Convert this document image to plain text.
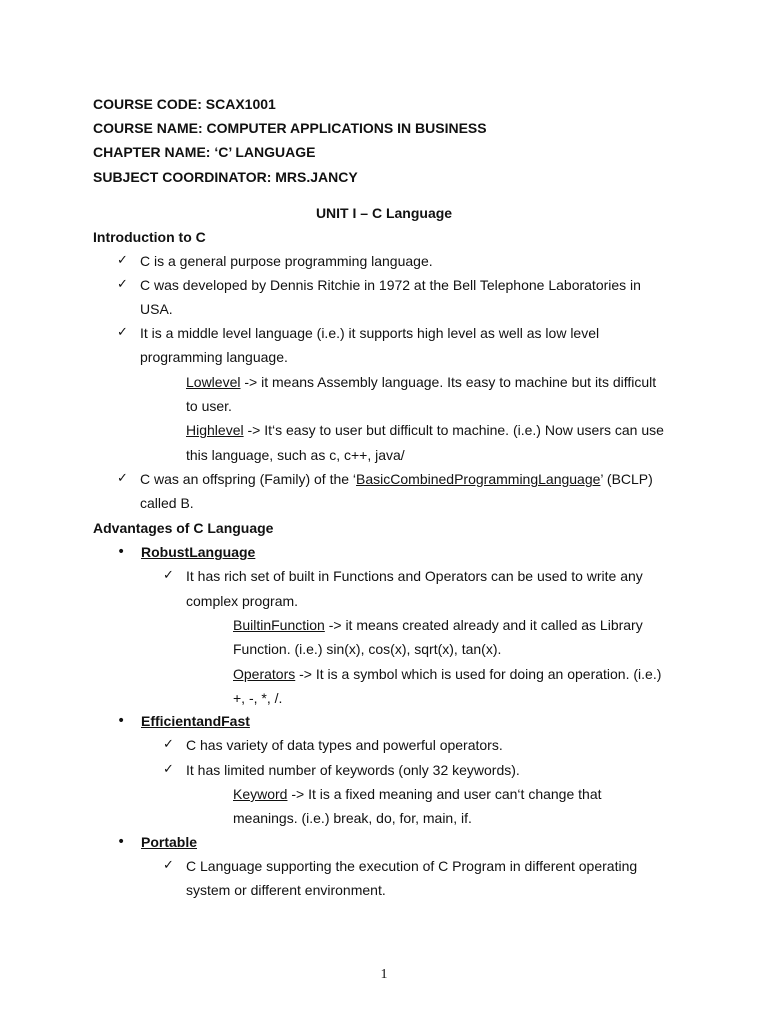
COURSE CODE: SCAX1001
COURSE NAME: COMPUTER APPLICATIONS IN BUSINESS
CHAPTER NAME: ‘C’ LANGUAGE
SUBJECT COORDINATOR: MRS.JANCY
UNIT I – C Language
Introduction to C
✓ C is a general purpose programming language.
✓ C was developed by Dennis Ritchie in 1972 at the Bell Telephone Laboratories in
USA.
✓ It is a middle level language (i.e.) it supports high level as well as low level
programming language.
Lowlevel -> it means Assembly language. Its easy to machine but its difficult
to user.
Highlevel -> It‘s easy to user but difficult to machine. (i.e.) Now users can use
this language, such as c, c++, java/
✓ C was an offspring (Family) of the ‘BasicCombinedProgrammingLanguage’ (BCLP)
called B.
Advantages of C Language
• RobustLanguage
✓ It has rich set of built in Functions and Operators can be used to write any
complex program.
BuiltinFunction -> it means created already and it called as Library
Function. (i.e.) sin(x), cos(x), sqrt(x), tan(x).
Operators -> It is a symbol which is used for doing an operation. (i.e.)
+, -, *, /.
• EfficientandFast
✓ C has variety of data types and powerful operators.
✓ It has limited number of keywords (only 32 keywords).
Keyword -> It is a fixed meaning and user can‘t change that
meanings. (i.e.) break, do, for, main, if.
• Portable
✓ C Language supporting the execution of C Program in different operating
system or different environment.
1
